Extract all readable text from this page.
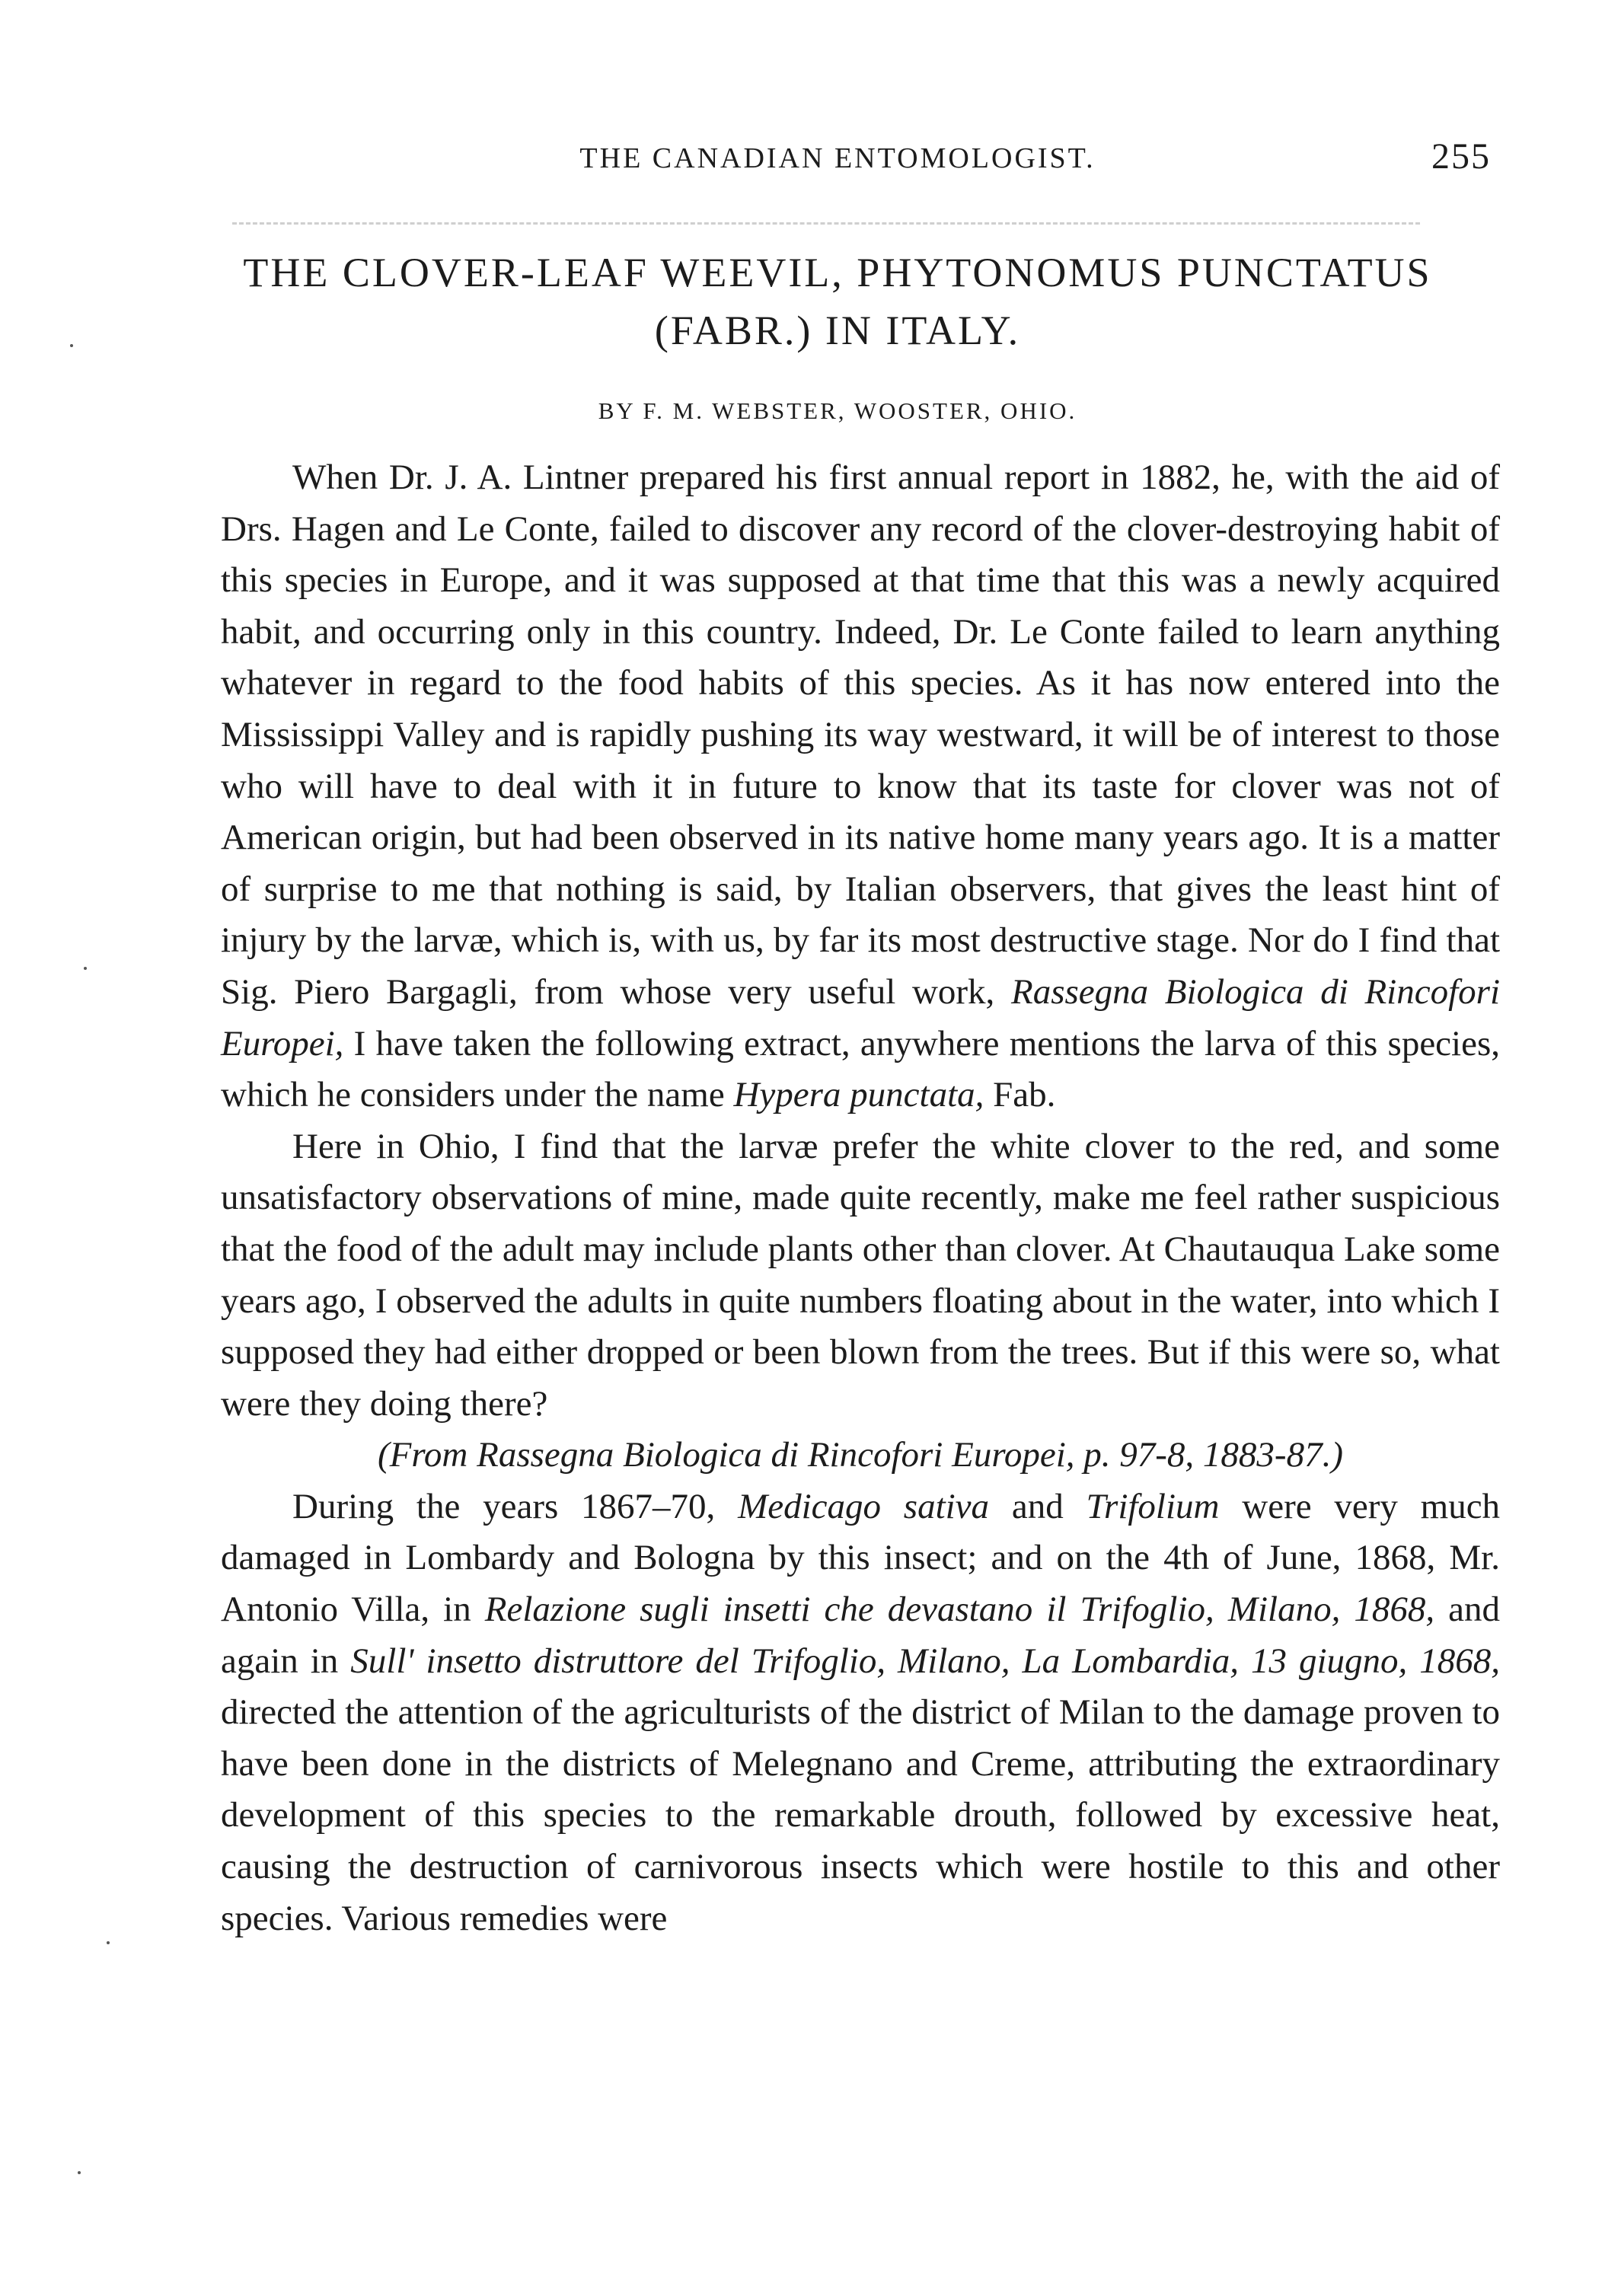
THE CANADIAN ENTOMOLOGIST.	255
THE CLOVER-LEAF WEEVIL, PHYTONOMUS PUNCTATUS
(FABR.) IN ITALY.
BY F. M. WEBSTER, WOOSTER, OHIO.

When Dr. J. A. Lintner prepared his first annual report in 1882, he, with the aid of Drs. Hagen and Le Conte, failed to discover any record of the clover-destroying habit of this species in Europe, and it was supposed at that time that this was a newly acquired habit, and occurring only in this country. Indeed, Dr. Le Conte failed to learn anything whatever in regard to the food habits of this species. As it has now entered into the Mississippi Valley and is rapidly pushing its way westward, it will be of interest to those who will have to deal with it in future to know that its taste for clover was not of American origin, but had been observed in its native home many years ago. It is a matter of surprise to me that nothing is said, by Italian observers, that gives the least hint of injury by the larvæ, which is, with us, by far its most destructive stage. Nor do I find that Sig. Piero Bargagli, from whose very useful work, Rassegna Biologica di Rincofori Europei, I have taken the following extract, anywhere mentions the larva of this species, which he considers under the name Hypera punctata, Fab.

Here in Ohio, I find that the larvæ prefer the white clover to the red, and some unsatisfactory observations of mine, made quite recently, make me feel rather suspicious that the food of the adult may include plants other than clover. At Chautauqua Lake some years ago, I observed the adults in quite numbers floating about in the water, into which I supposed they had either dropped or been blown from the trees. But if this were so, what were they doing there?

(From Rassegna Biologica di Rincofori Europei, p. 97-8, 1883-87.)

During the years 1867–70, Medicago sativa and Trifolium were very much damaged in Lombardy and Bologna by this insect; and on the 4th of June, 1868, Mr. Antonio Villa, in Relazione sugli insetti che devastano il Trifoglio, Milano, 1868, and again in Sull' insetto distruttore del Trifoglio, Milano, La Lombardia, 13 giugno, 1868, directed the attention of the agriculturists of the district of Milan to the damage proven to have been done in the districts of Melegnano and Creme, attributing the extraordinary development of this species to the remarkable drouth, followed by excessive heat, causing the destruction of carnivorous insects which were hostile to this and other species. Various remedies were
